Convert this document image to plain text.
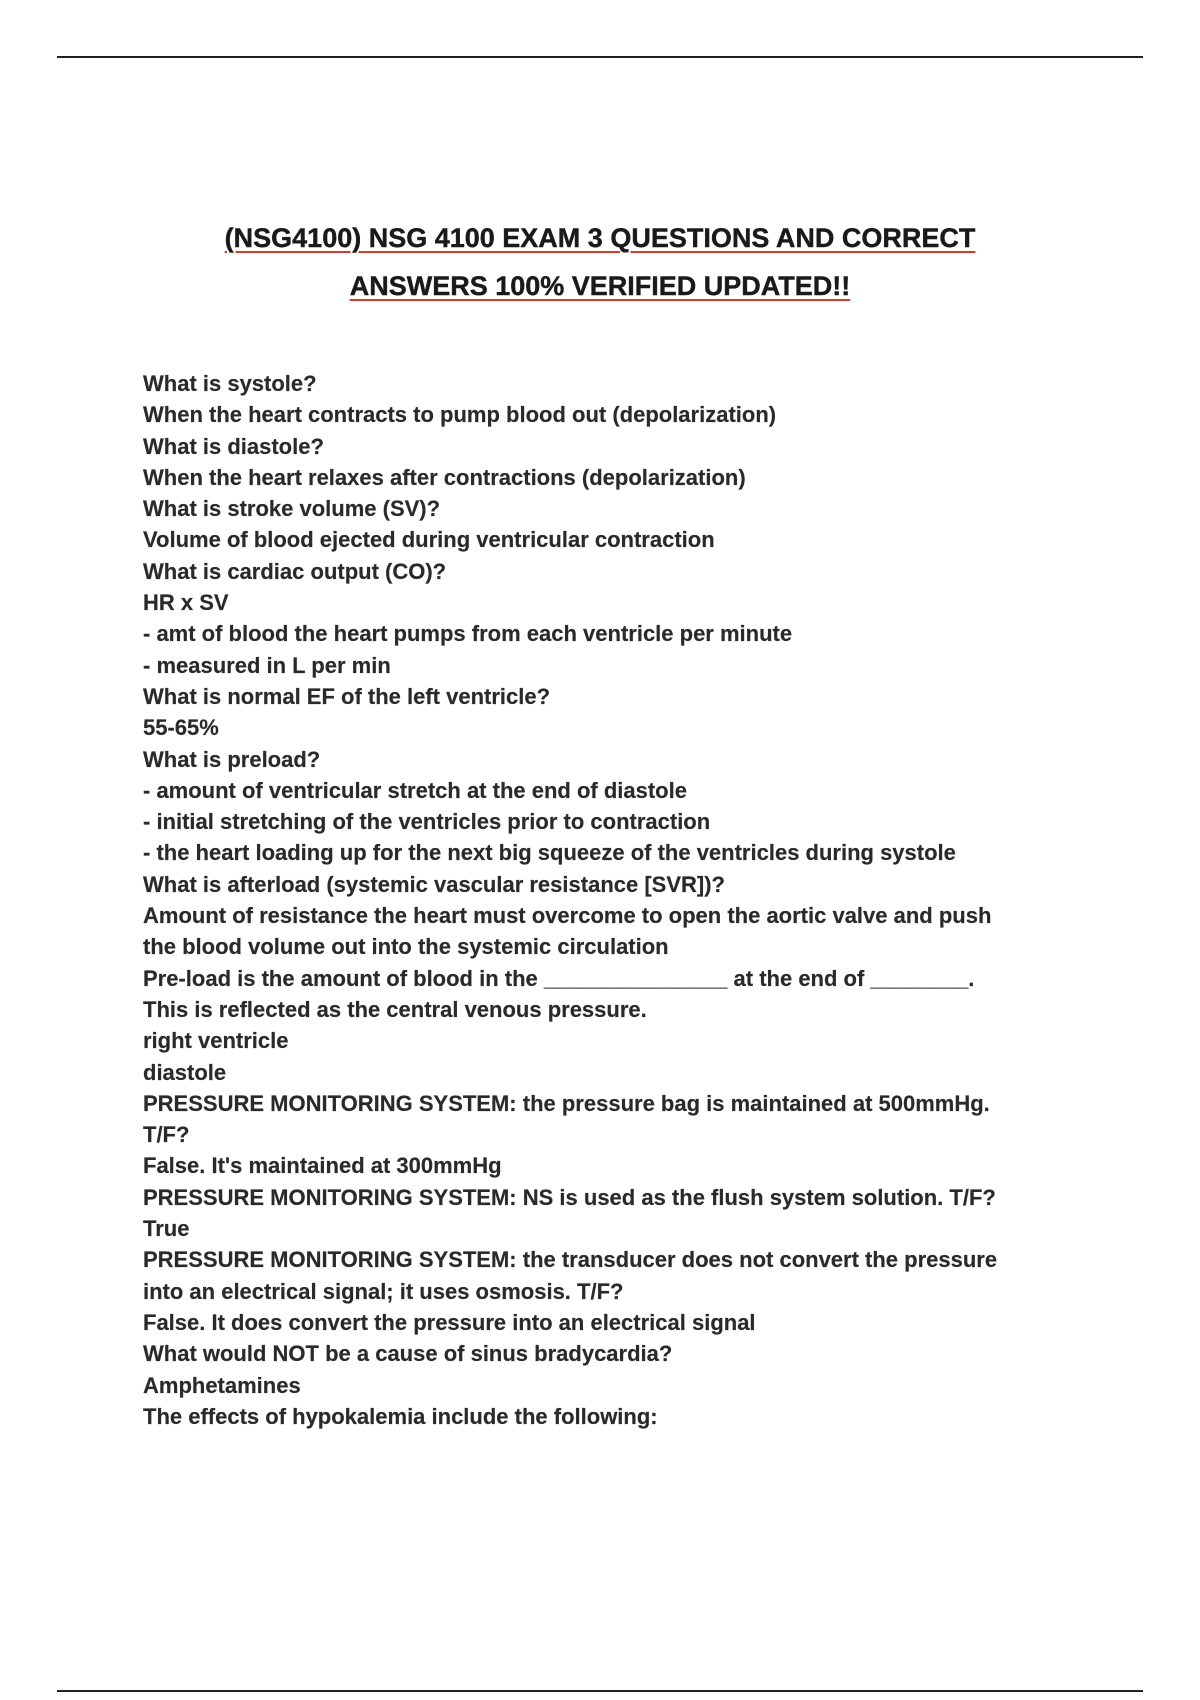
(NSG4100) NSG 4100 EXAM 3 QUESTIONS AND CORRECT
ANSWERS 100% VERIFIED UPDATED!!
What is systole?
When the heart contracts to pump blood out (depolarization)
What is diastole?
When the heart relaxes after contractions (depolarization)
What is stroke volume (SV)?
Volume of blood ejected during ventricular contraction
What is cardiac output (CO)?
HR x SV
- amt of blood the heart pumps from each ventricle per minute
- measured in L per min
What is normal EF of the left ventricle?
55-65%
What is preload?
- amount of ventricular stretch at the end of diastole
- initial stretching of the ventricles prior to contraction
- the heart loading up for the next big squeeze of the ventricles during systole
What is afterload (systemic vascular resistance [SVR])?
Amount of resistance the heart must overcome to open the aortic valve and push
the blood volume out into the systemic circulation
Pre-load is the amount of blood in the _______________ at the end of ________.
This is reflected as the central venous pressure.
right ventricle
diastole
PRESSURE MONITORING SYSTEM: the pressure bag is maintained at 500mmHg.
T/F?
False. It's maintained at 300mmHg
PRESSURE MONITORING SYSTEM: NS is used as the flush system solution. T/F?
True
PRESSURE MONITORING SYSTEM: the transducer does not convert the pressure
into an electrical signal; it uses osmosis. T/F?
False. It does convert the pressure into an electrical signal
What would NOT be a cause of sinus bradycardia?
Amphetamines
The effects of hypokalemia include the following:
